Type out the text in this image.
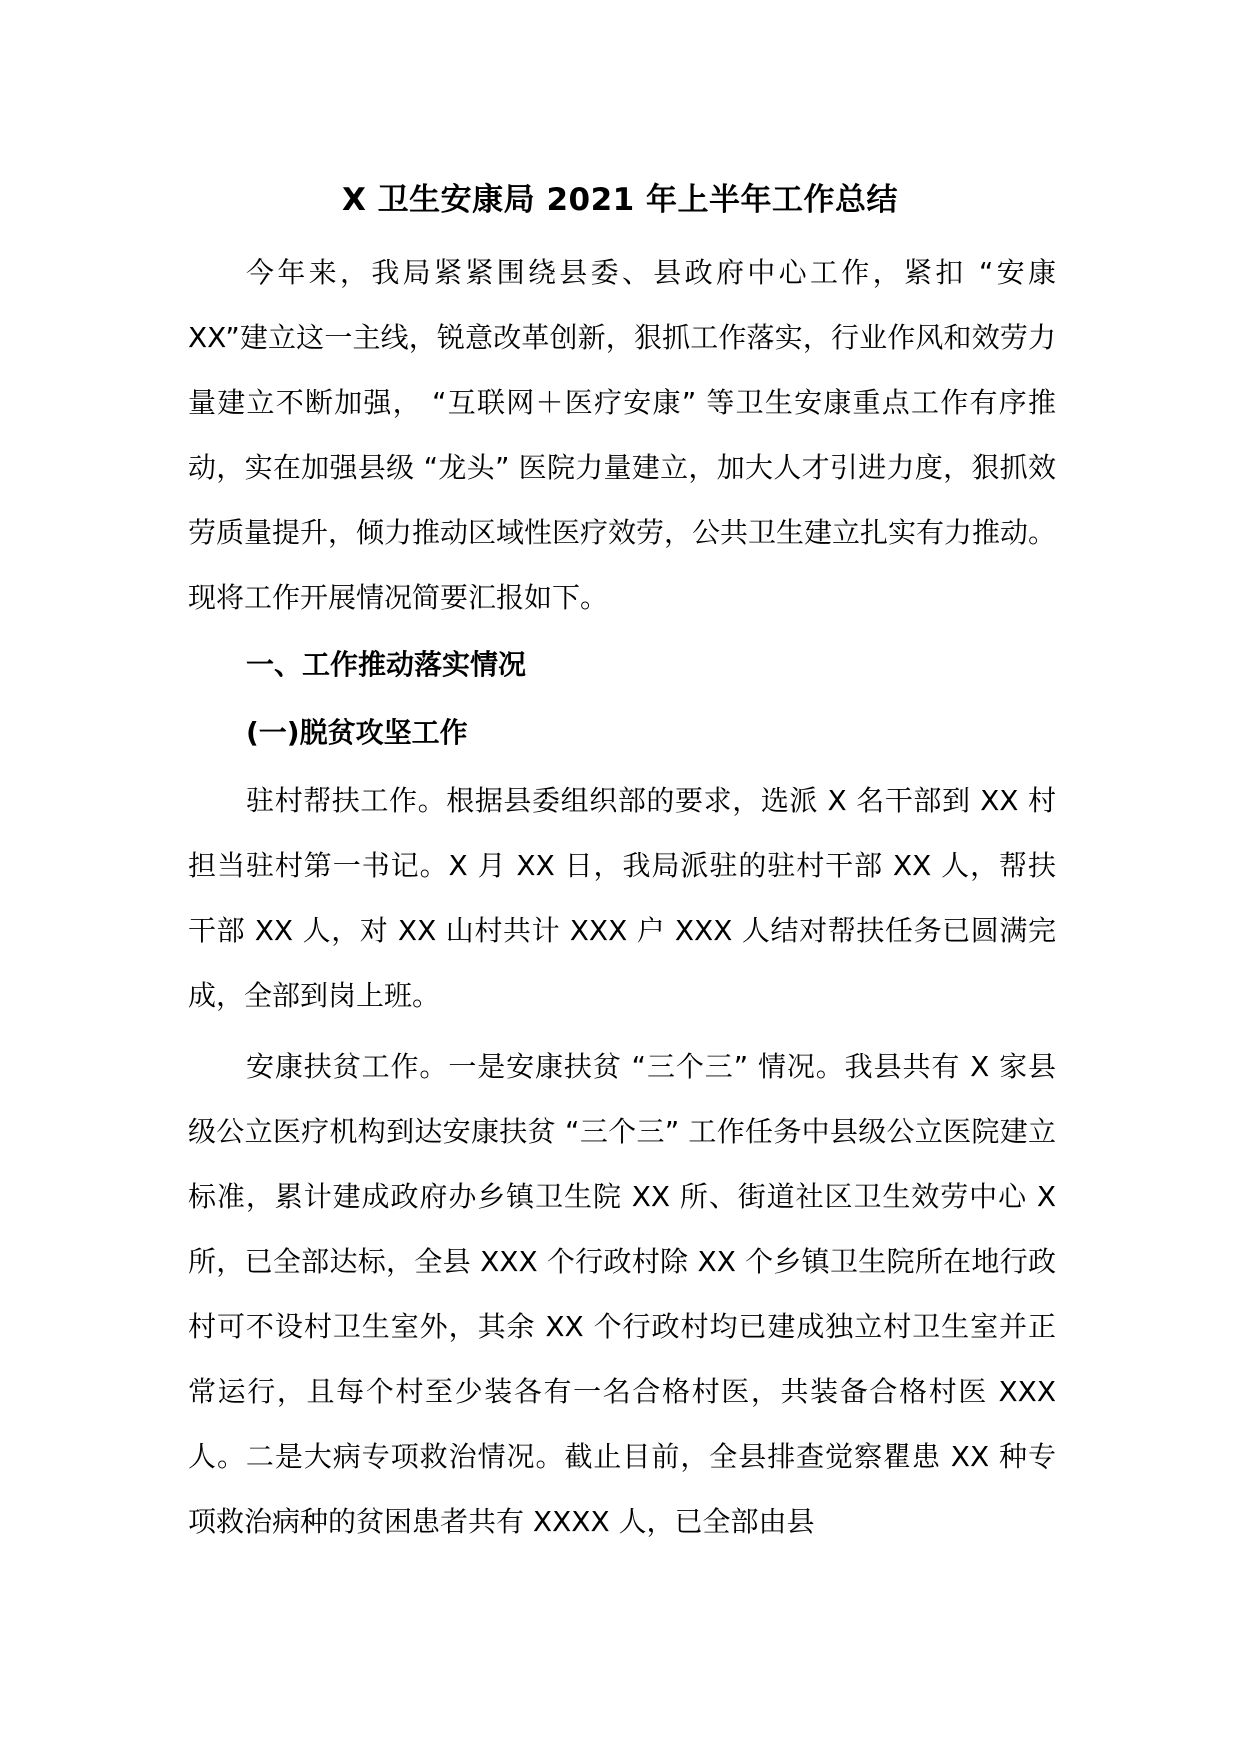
X 卫生安康局 2021 年上半年工作总结

今年来，我局紧紧围绕县委、县政府中心工作，紧扣 “安康 XX”建立这一主线，锐意改革创新，狠抓工作落实，行业作风和效劳力量建立不断加强， “互联网＋医疗安康” 等卫生安康重点工作有序推动，实在加强县级 “龙头” 医院力量建立，加大人才引进力度，狠抓效劳质量提升，倾力推动区域性医疗效劳，公共卫生建立扎实有力推动。现将工作开展情况简要汇报如下。

一、工作推动落实情况

(一)脱贫攻坚工作

驻村帮扶工作。根据县委组织部的要求，选派 X 名干部到 XX 村担当驻村第一书记。X 月 XX 日，我局派驻的驻村干部 XX 人，帮扶干部 XX 人，对 XX 山村共计 XXX 户 XXX 人结对帮扶任务已圆满完成，全部到岗上班。

安康扶贫工作。一是安康扶贫 “三个三” 情况。我县共有 X 家县级公立医疗机构到达安康扶贫 “三个三” 工作任务中县级公立医院建立标准，累计建成政府办乡镇卫生院 XX 所、街道社区卫生效劳中心 X 所，已全部达标，全县 XXX 个行政村除 XX 个乡镇卫生院所在地行政村可不设村卫生室外，其余 XX 个行政村均已建成独立村卫生室并正常运行，且每个村至少装各有一名合格村医，共装备合格村医 XXX 人。二是大病专项救治情况。截止目前，全县排查觉察瞿患 XX 种专项救治病种的贫困患者共有 XXXX 人，已全部由县
